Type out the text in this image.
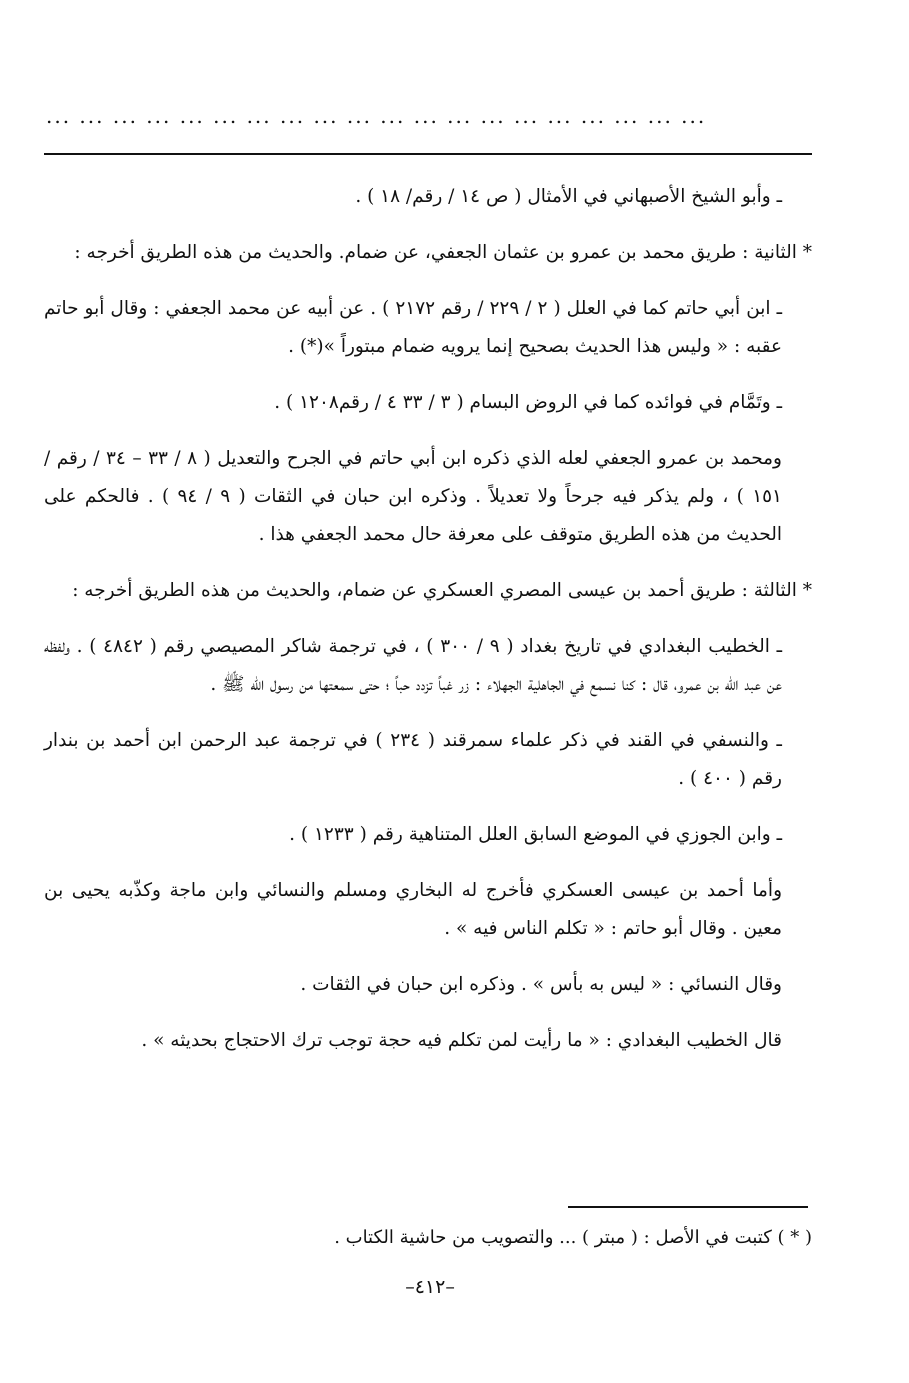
... ... ... ... ... ... ... ... ... ... ... ... ... ... ... ... ... ... ... ...

ـ وأبو الشيخ الأصبهاني في الأمثال ( ص ١٤ / رقم/ ١٨ ) .

* الثانية : طريق محمد بن عمرو بن عثمان الجعفي، عن ضمام. والحديث من هذه الطريق أخرجه :

ـ ابن أبي حاتم كما في العلل ( ٢ / ٢٢٩ / رقم ٢١٧٢ ) . عن أبيه عن محمد الجعفي : وقال أبو حاتم عقبه : « وليس هذا الحديث بصحيح إنما يرويه ضمام مبتوراً »(*) .

ـ وتَمَّام في فوائده كما في الروض البسام ( ٣ / ٣٣ ٤ / رقم١٢٠٨ ) .

ومحمد بن عمرو الجعفي لعله الذي ذكره ابن أبي حاتم في الجرح والتعديل ( ٨ / ٣٣ – ٣٤ / رقم / ١٥١ ) ، ولم يذكر فيه جرحاً ولا تعديلاً . وذكره ابن حبان في الثقات ( ٩ / ٩٤ ) . فالحكم على الحديث من هذه الطريق متوقف على معرفة حال محمد الجعفي هذا .

* الثالثة : طريق أحمد بن عيسى المصري العسكري عن ضمام، والحديث من هذه الطريق أخرجه :

ـ الخطيب البغدادي في تاريخ بغداد ( ٩ / ٣٠٠ ) ، في ترجمة شاكر المصيصي رقم ( ٤٨٤٢ ) . ولفظه عن عبد الله بن عمرو، قال : كنا نسمع في الجاهلية الجهلاء : زر غباً تزدد حباً ؛ حتى سمعتها من رسول الله ﷺ .

ـ والنسفي في القند في ذكر علماء سمرقند ( ٢٣٤ ) في ترجمة عبد الرحمن ابن أحمد بن بندار رقم ( ٤٠٠ ) .

ـ وابن الجوزي في الموضع السابق العلل المتناهية رقم ( ١٢٣٣ ) .

وأما أحمد بن عيسى العسكري فأخرج له البخاري ومسلم والنسائي وابن ماجة وكذّبه يحيى بن معين . وقال أبو حاتم : « تكلم الناس فيه » .

وقال النسائي : « ليس به بأس » . وذكره ابن حبان في الثقات .

قال الخطيب البغدادي : « ما رأيت لمن تكلم فيه حجة توجب ترك الاحتجاج بحديثه » .

( * ) كتبت في الأصل : ( مبتر ) ... والتصويب من حاشية الكتاب .
–٤١٢–
